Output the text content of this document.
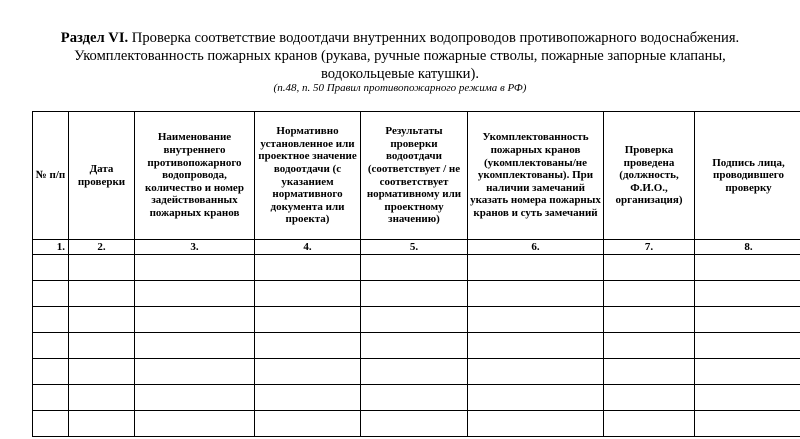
Раздел VI. Проверка соответствие водоотдачи внутренних водопроводов противопожарного водоснабжения.
Укомплектованность пожарных кранов (рукава, ручные пожарные стволы, пожарные запорные клапаны,
водокольцевые катушки).
(п.48, п. 50 Правил противопожарного режима в РФ)
№ п/п	Дата проверки	Наименование внутреннего противопожарного водопровода, количество и номер задействованных пожарных кранов	Нормативно установленное или проектное значение водоотдачи (с указанием нормативного документа или проекта)	Результаты проверки водоотдачи (соответствует / не соответствует нормативному или проектному значению)	Укомплектованность пожарных кранов (укомплектованы/не укомплектованы). При наличии замечаний указать номера пожарных кранов и суть замечаний	Проверка проведена (должность, Ф.И.О., организация)	Подпись лица, проводившего проверку
1.	2.	3.	4.	5.	6.	7.	8.
